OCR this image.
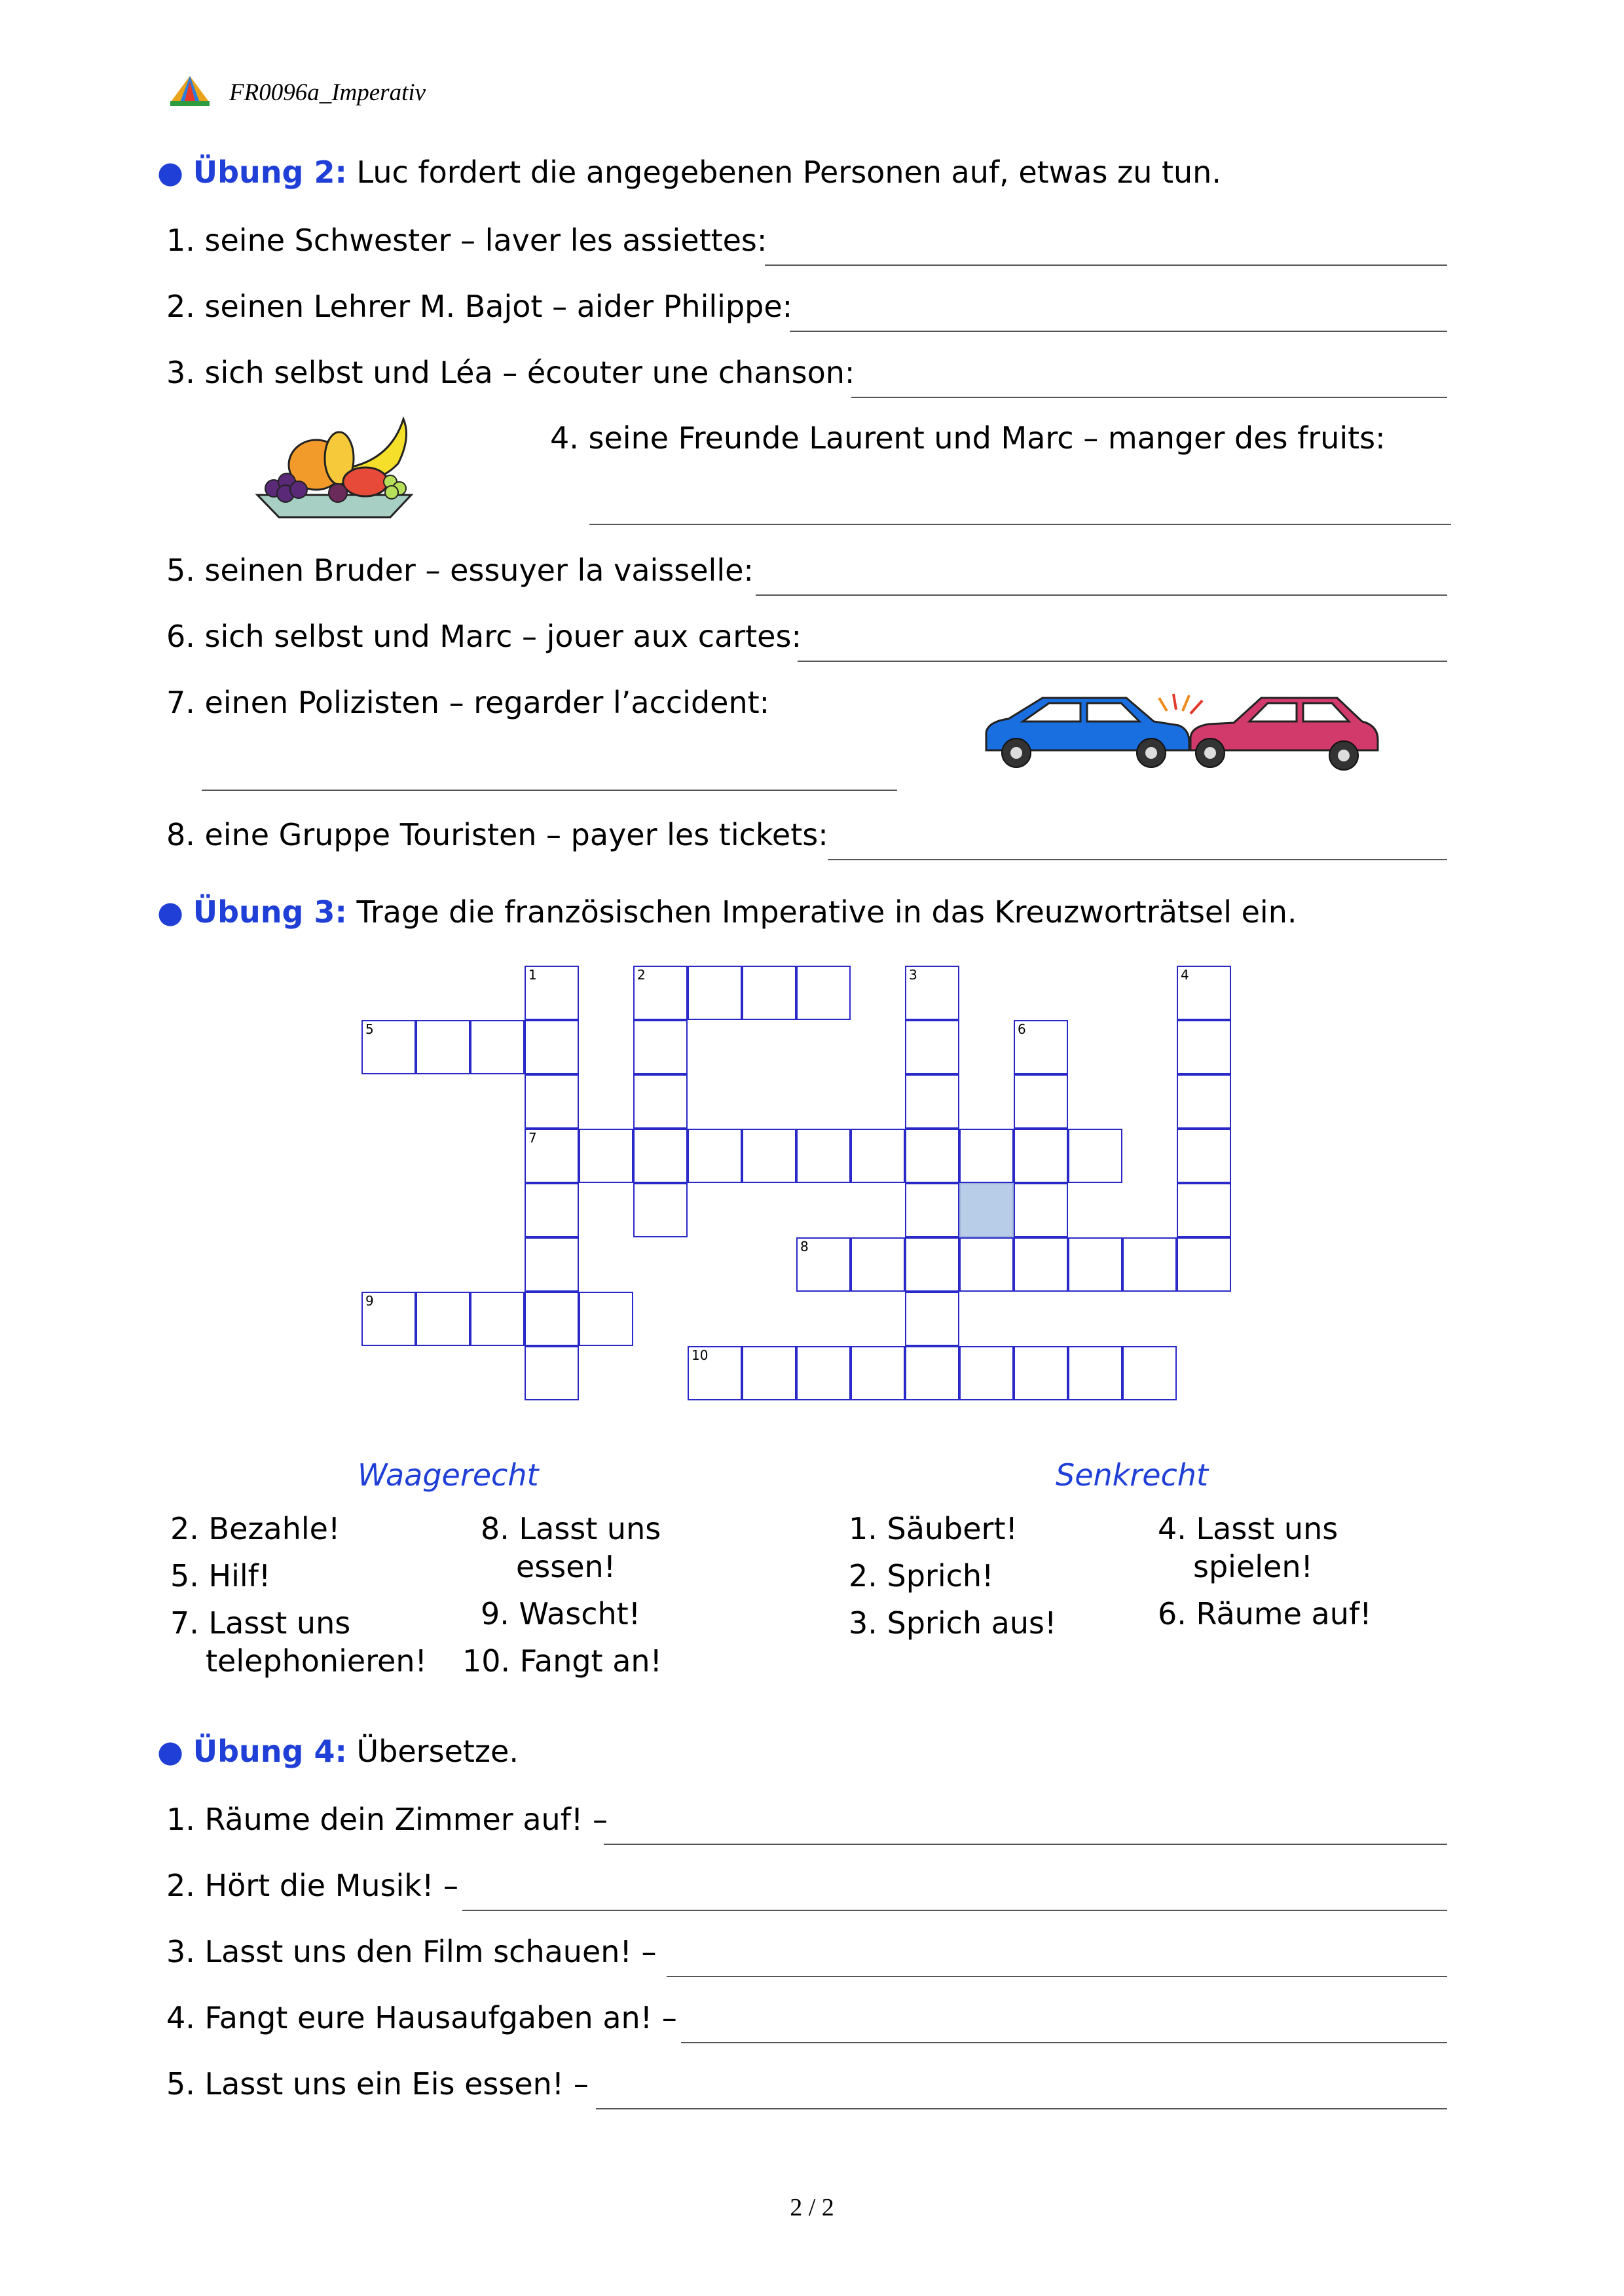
FR0096a_Imperativ
● Übung 2: Luc fordert die angegebenen Personen auf, etwas zu tun.
1.
seine Schwester – laver les assiettes:

2.
seinen Lehrer M. Bajot – aider Philippe:
3.
sich selbst und Léa – écouter une chanson:
4.
seine Freunde Laurent und Marc – manger des fruits:
5.
seinen Bruder – essuyer la vaisselle:
6.
sich selbst und Marc – jouer aux cartes:
7.
einen Polizisten – regarder l’accident:
8.
eine Gruppe Touristen – payer les tickets:
● Übung 3: Trage die französischen Imperative in das Kreuzworträtsel ein.
2
5
7
8
9
10
1	3	4
6
Waagerecht	Senkrecht
2. Bezahle!
5. Hilf!
7. Lasst uns
telephonieren!
8. Lasst uns
essen!
9. Wascht!
10. Fangt an!
1. Säubert!
2. Sprich!
3. Sprich aus!
4. Lasst uns
spielen!
6. Räume auf!
● Übung 4: Übersetze.
1.
Räume dein Zimmer auf! –
2.
Hört die Musik! –
3.
Lasst uns den Film schauen! –
4.
Fangt eure Hausaufgaben an! –
5.
Lasst uns ein Eis essen! –
2 / 2
